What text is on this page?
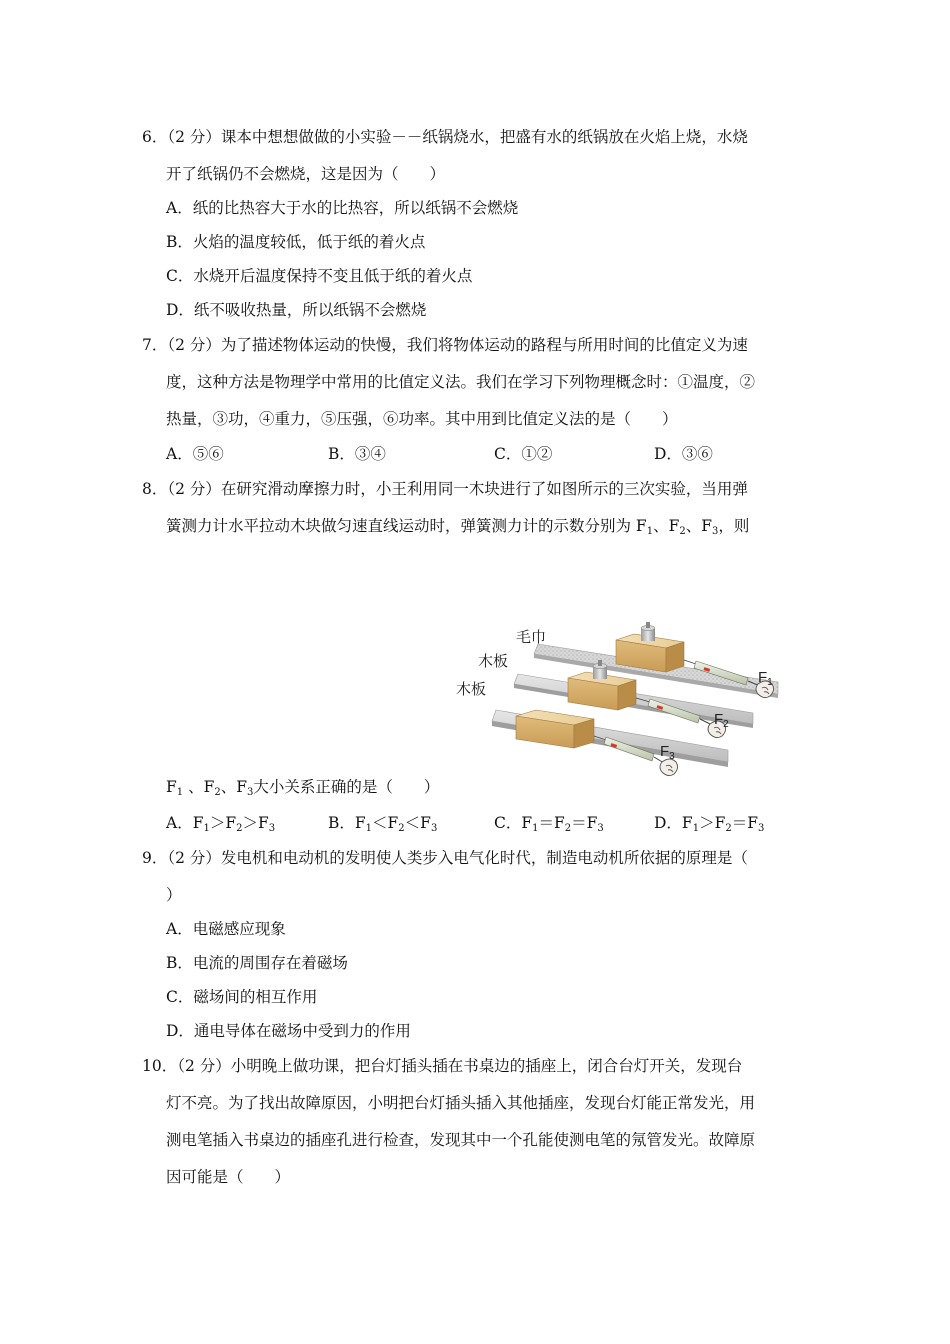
6．（2 分）课本中想想做做的小实验－－纸锅烧水，把盛有水的纸锅放在火焰上烧，水烧
开了纸锅仍不会燃烧，这是因为（　　）
A．纸的比热容大于水的比热容，所以纸锅不会燃烧
B．火焰的温度较低，低于纸的着火点
C．水烧开后温度保持不变且低于纸的着火点
D．纸不吸收热量，所以纸锅不会燃烧
7．（2 分）为了描述物体运动的快慢，我们将物体运动的路程与所用时间的比值定义为速
度，这种方法是物理学中常用的比值定义法。我们在学习下列物理概念时：①温度，②
热量，③功，④重力，⑤压强，⑥功率。其中用到比值定义法的是（　　）
A．⑤⑥	B．③④	C．①②	D．③⑥
8．（2 分）在研究滑动摩擦力时，小王利用同一木块进行了如图所示的三次实验，当用弹
簧测力计水平拉动木块做匀速直线运动时，弹簧测力计的示数分别为 $F_1$、$F_2$、$F_3$，则
毛巾
木板
木板
$F_1$
$F_2$
$F_3$
$F_1$ 、$F_2$、$F_3$大小关系正确的是（　　）
A．$F_1>F_2>F_3$	B．$F_1<F_2<F_3$	C．$F_1=F_2=F_3$	D．$F_1>F_2=F_3$
9．（2 分）发电机和电动机的发明使人类步入电气化时代，制造电动机所依据的原理是（
）
A．电磁感应现象
B．电流的周围存在着磁场
C．磁场间的相互作用
D．通电导体在磁场中受到力的作用
10．（2 分）小明晚上做功课，把台灯插头插在书桌边的插座上，闭合台灯开关，发现台
灯不亮。为了找出故障原因，小明把台灯插头插入其他插座，发现台灯能正常发光，用
测电笔插入书桌边的插座孔进行检查，发现其中一个孔能使测电笔的氖管发光。故障原
因可能是（　　）
